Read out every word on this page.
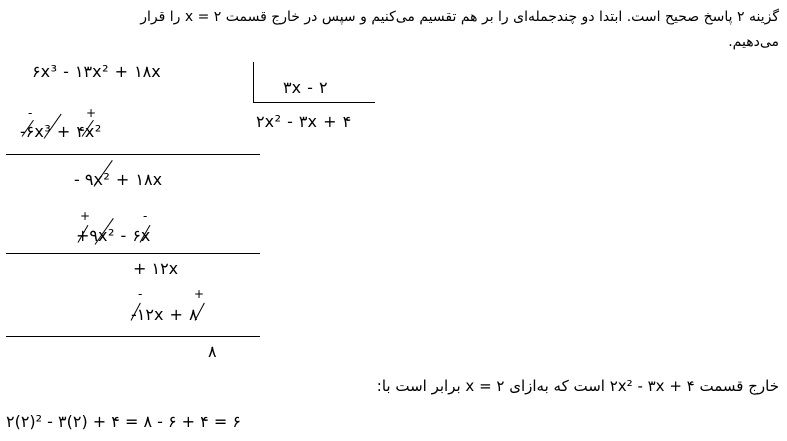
گزینه ۲ پاسخ صحیح است. ابتدا دو چندجمله‌ای را بر هم تقسیم می‌کنیم و سپس در خارج قسمت x = ۲ را قرار
می‌دهیم.
۶x³ - ۱۳x² + ۱۸x
۳x - ۲
۲x² - ۳x + ۴
-	+
-۶x³ + ۴x²
- ۹x² + ۱۸x
+	-
+۹x² - ۶x
+ ۱۲x
-	+
-۱۲x + ۸
۸
خارج قسمت ۲x² - ۳x + ۴ است که به‌ازای x = ۲ برابر است با:
۲(۲)² - ۳(۲) + ۴ = ۸ - ۶ + ۴ = ۶
